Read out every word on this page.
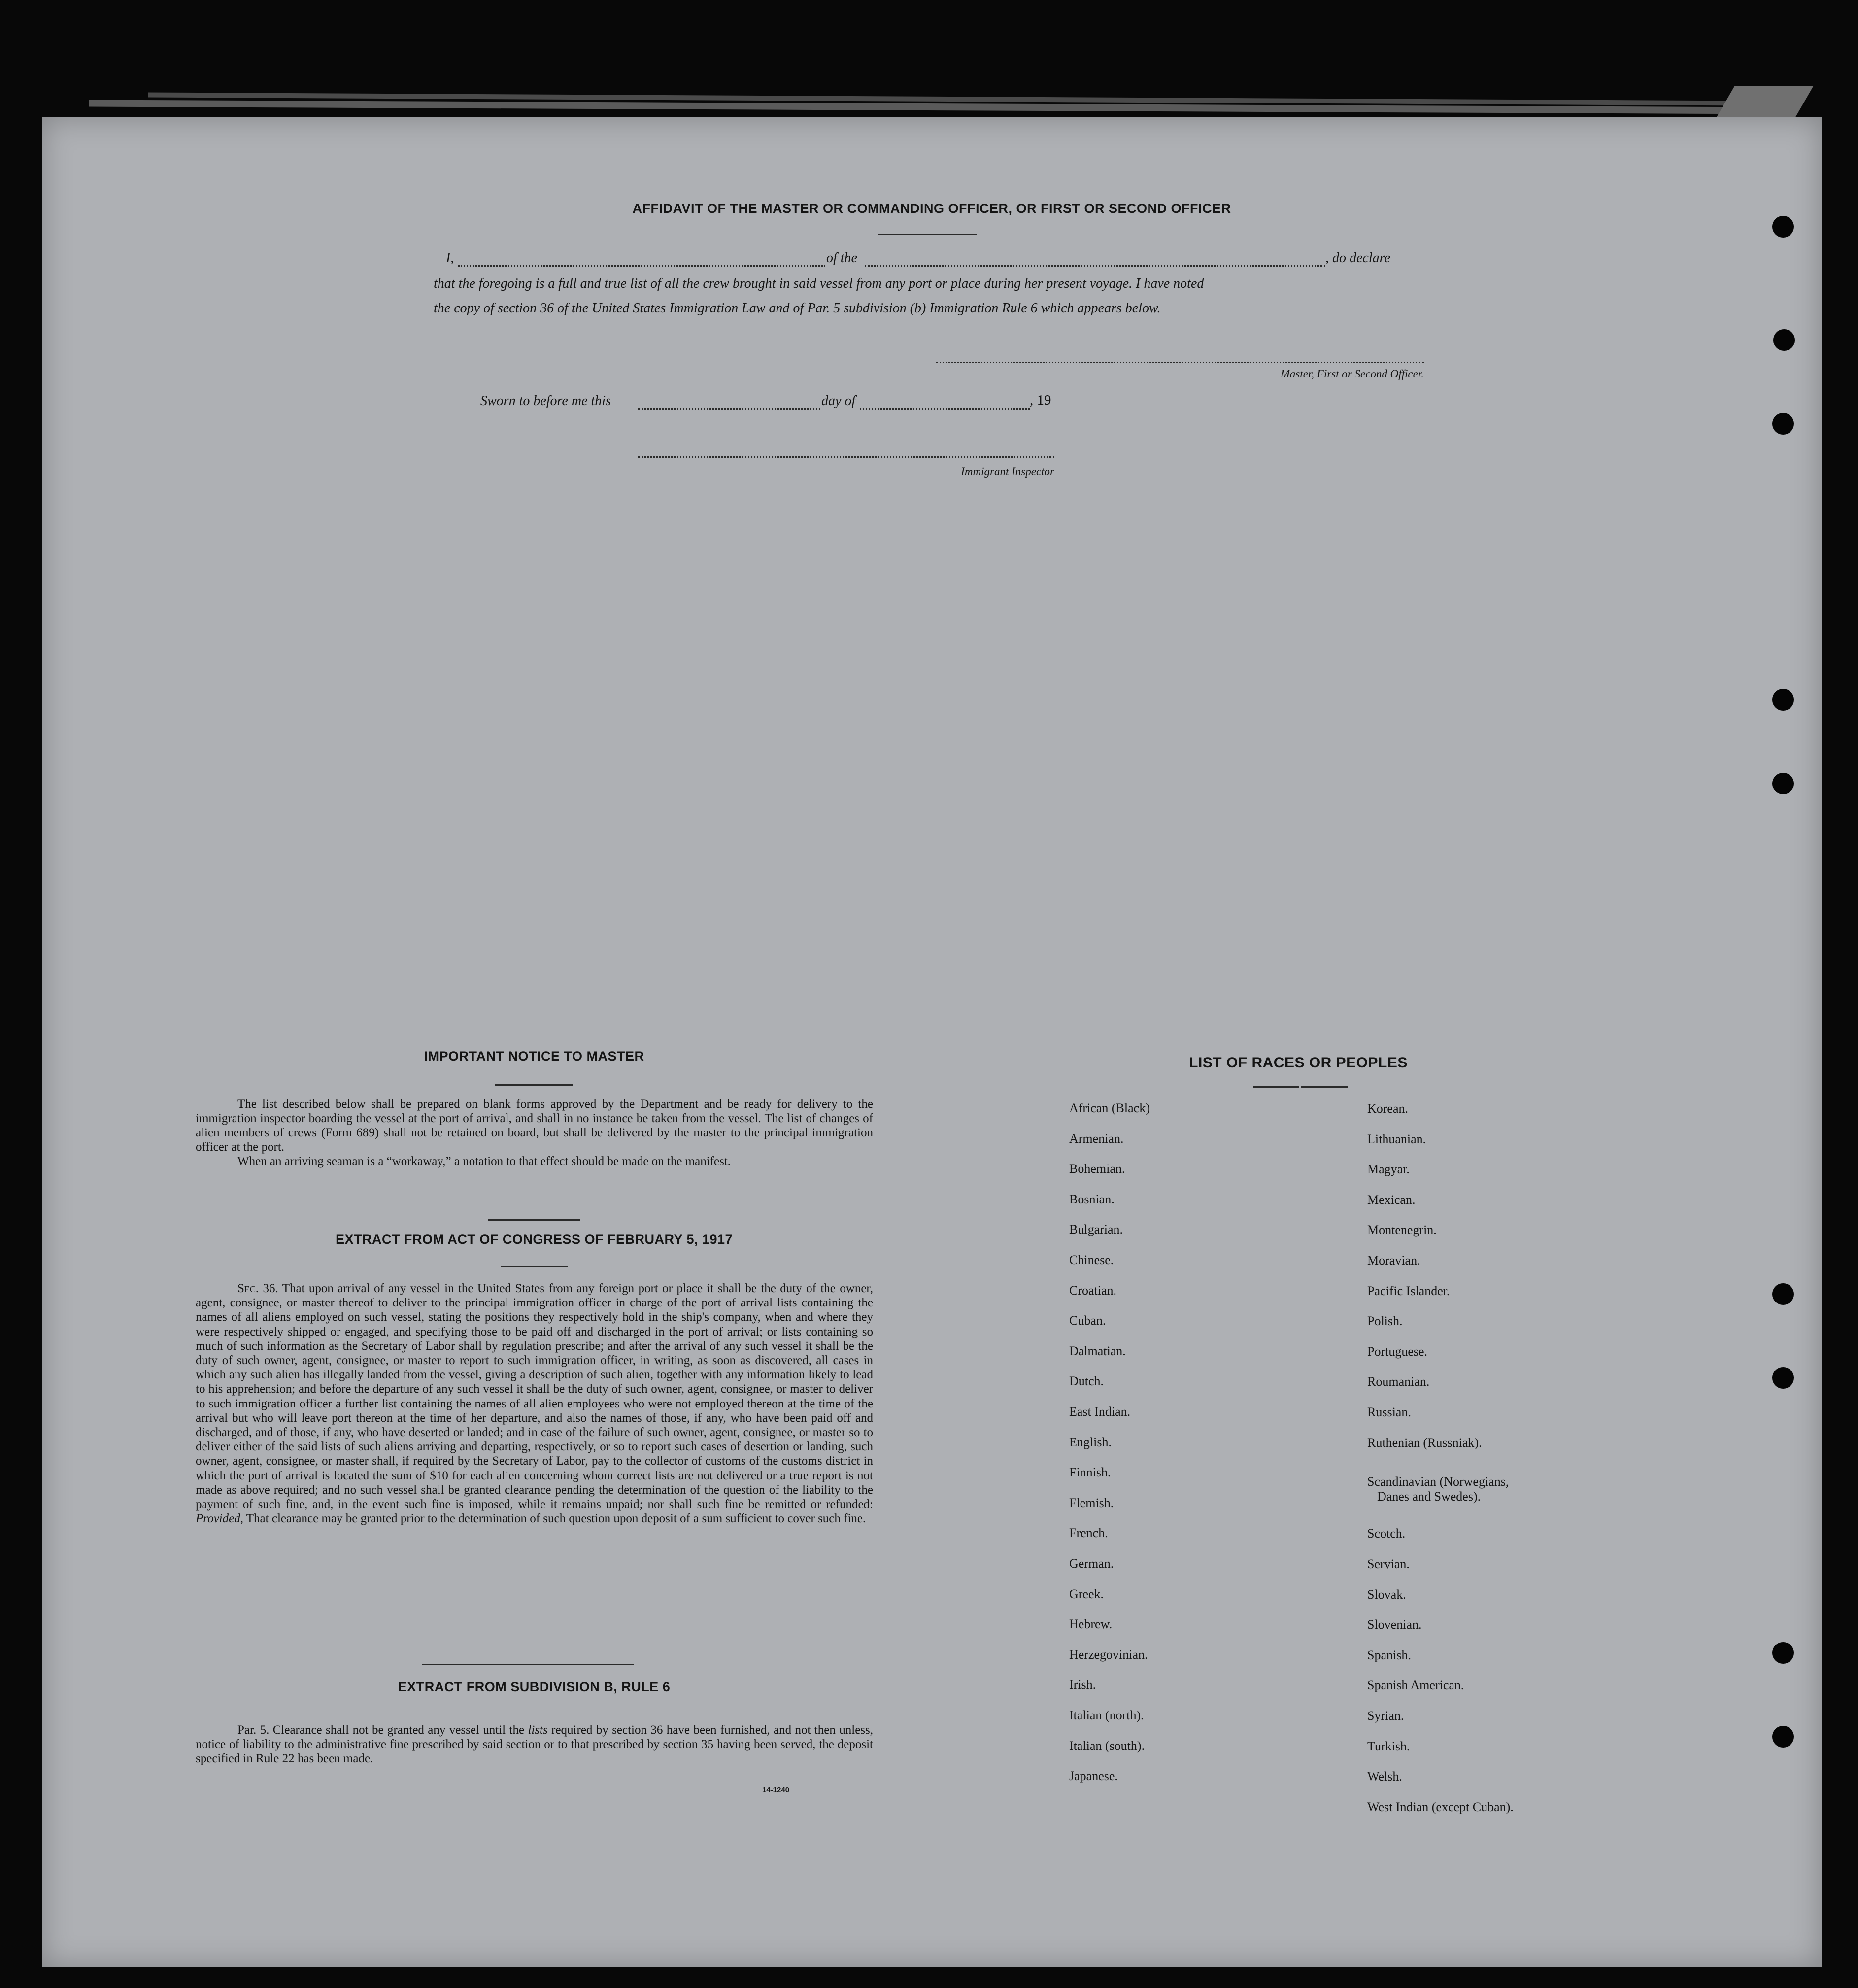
AFFIDAVIT OF THE MASTER OR COMMANDING OFFICER, OR FIRST OR SECOND OFFICER
I,	of the	, do declare
that the foregoing is a full and true list of all the crew brought in said vessel from any port or place during her present voyage. I have noted
the copy of section 36 of the United States Immigration Law and of Par. 5 subdivision (b) Immigration Rule 6 which appears below.
Master, First or Second Officer.
Sworn to before me this	day of	, 19
Immigrant Inspector
IMPORTANT NOTICE TO MASTER
The list described below shall be prepared on blank forms approved by the Department and be ready for delivery to the immigration inspector boarding the vessel at the port of arrival, and shall in no instance be taken from the vessel. The list of changes of alien members of crews (Form 689) shall not be retained on board, but shall be delivered by the master to the principal immigration officer at the port.
When an arriving seaman is a “workaway,” a notation to that effect should be made on the manifest.
EXTRACT FROM ACT OF CONGRESS OF FEBRUARY 5, 1917
Sec. 36. That upon arrival of any vessel in the United States from any foreign port or place it shall be the duty of the owner, agent, consignee, or master thereof to deliver to the principal immigration officer in charge of the port of arrival lists containing the names of all aliens employed on such vessel, stating the positions they respectively hold in the ship's company, when and where they were respectively shipped or engaged, and specifying those to be paid off and discharged in the port of arrival; or lists containing so much of such information as the Secretary of Labor shall by regulation prescribe; and after the arrival of any such vessel it shall be the duty of such owner, agent, consignee, or master to report to such immigration officer, in writing, as soon as discovered, all cases in which any such alien has illegally landed from the vessel, giving a description of such alien, together with any information likely to lead to his apprehension; and before the departure of any such vessel it shall be the duty of such owner, agent, consignee, or master to deliver to such immigration officer a further list containing the names of all alien employees who were not employed thereon at the time of the arrival but who will leave port thereon at the time of her departure, and also the names of those, if any, who have been paid off and discharged, and of those, if any, who have deserted or landed; and in case of the failure of such owner, agent, consignee, or master so to deliver either of the said lists of such aliens arriving and departing, respectively, or so to report such cases of desertion or landing, such owner, agent, consignee, or master shall, if required by the Secretary of Labor, pay to the collector of customs of the customs district in which the port of arrival is located the sum of $10 for each alien concerning whom correct lists are not delivered or a true report is not made as above required; and no such vessel shall be granted clearance pending the determination of the question of the liability to the payment of such fine, and, in the event such fine is imposed, while it remains unpaid; nor shall such fine be remitted or refunded: Provided, That clearance may be granted prior to the determination of such question upon deposit of a sum sufficient to cover such fine.
EXTRACT FROM SUBDIVISION B, RULE 6
Par. 5. Clearance shall not be granted any vessel until the lists required by section 36 have been furnished, and not then unless, notice of liability to the administrative fine prescribed by said section or to that prescribed by section 35 having been served, the deposit specified in Rule 22 has been made.
14-1240
LIST OF RACES OR PEOPLES
African (Black)
Armenian.
Bohemian.
Bosnian.
Bulgarian.
Chinese.
Croatian.
Cuban.
Dalmatian.
Dutch.
East Indian.
English.
Finnish.
Flemish.
French.
German.
Greek.
Hebrew.
Herzegovinian.
Irish.
Italian (north).
Italian (south).
Japanese.
Korean.
Lithuanian.
Magyar.
Mexican.
Montenegrin.
Moravian.
Pacific Islander.
Polish.
Portuguese.
Roumanian.
Russian.
Ruthenian (Russniak).
Scandinavian (Norwegians,
Danes and Swedes).
Scotch.
Servian.
Slovak.
Slovenian.
Spanish.
Spanish American.
Syrian.
Turkish.
Welsh.
West Indian (except Cuban).
